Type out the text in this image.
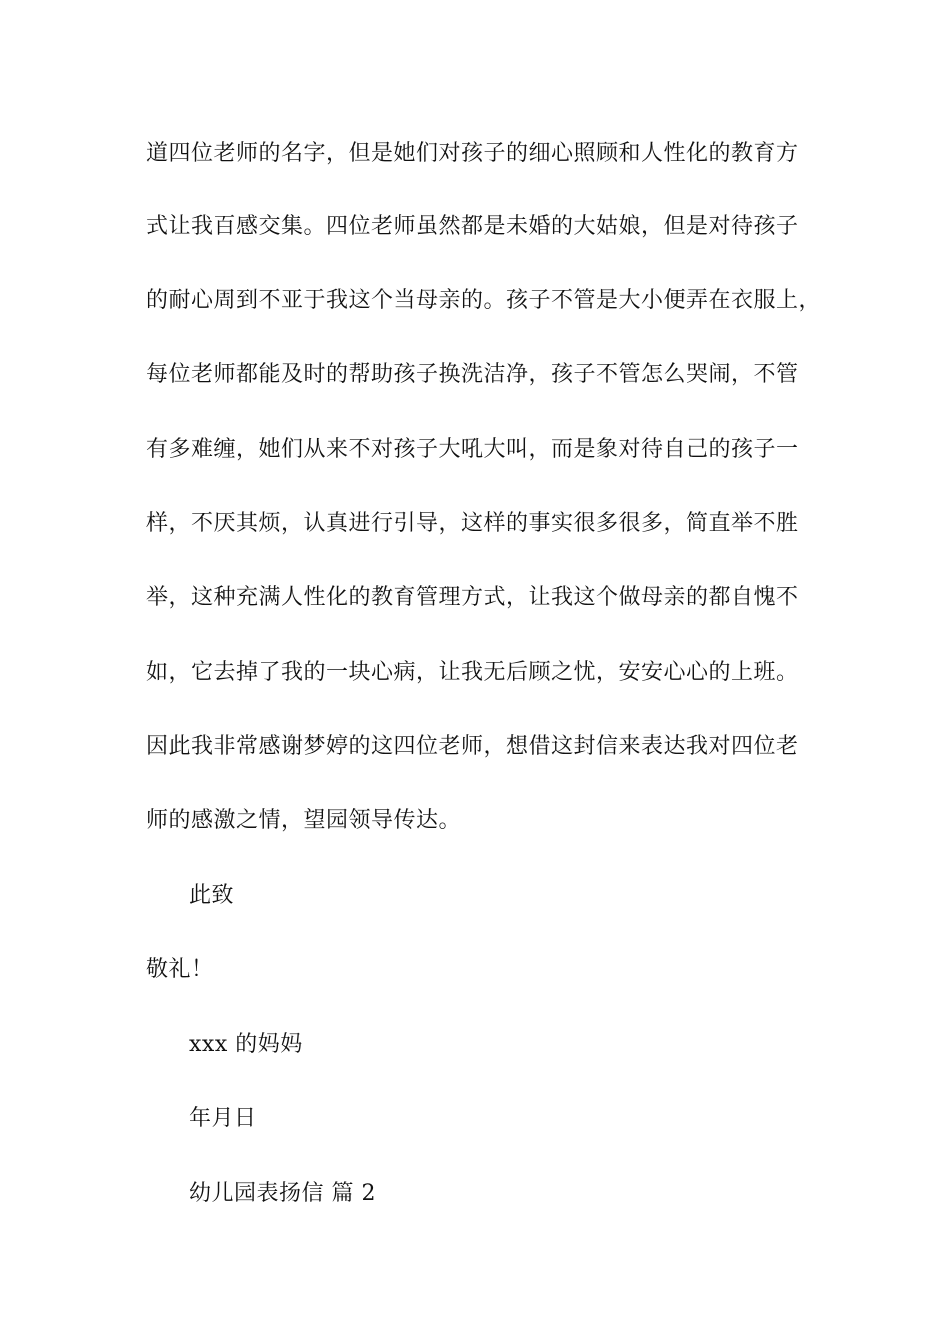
道四位老师的名字，但是她们对孩子的细心照顾和人性化的教育方
式让我百感交集。四位老师虽然都是未婚的大姑娘，但是对待孩子
的耐心周到不亚于我这个当母亲的。孩子不管是大小便弄在衣服上，
每位老师都能及时的帮助孩子换洗洁净，孩子不管怎么哭闹，不管
有多难缠，她们从来不对孩子大吼大叫，而是象对待自己的孩子一
样，不厌其烦，认真进行引导，这样的事实很多很多，简直举不胜
举，这种充满人性化的教育管理方式，让我这个做母亲的都自愧不
如，它去掉了我的一块心病，让我无后顾之忧，安安心心的上班。
因此我非常感谢梦婷的这四位老师，想借这封信来表达我对四位老
师的感激之情，望园领导传达。
此致
敬礼！
xxx 的妈妈
年月日
幼儿园表扬信 篇 2
